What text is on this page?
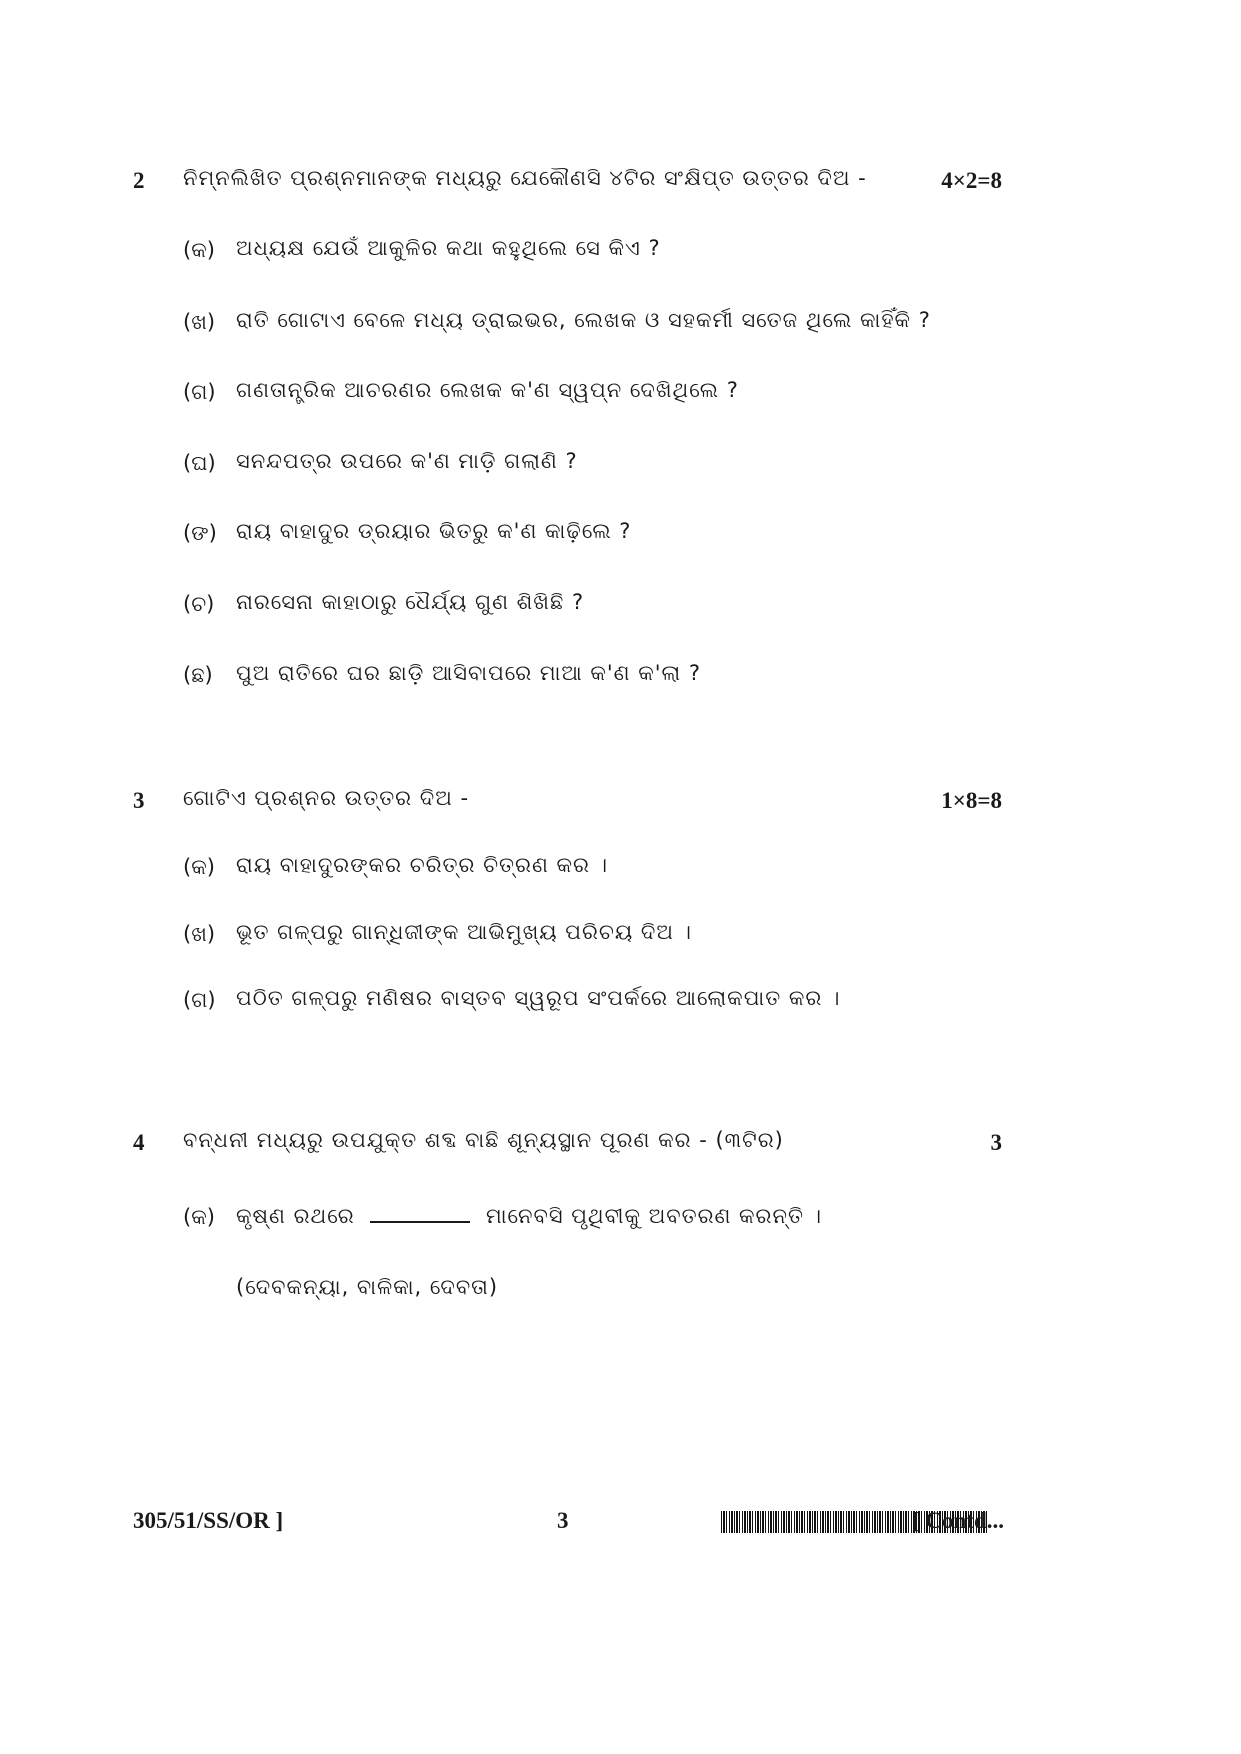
2 ନିମ୍ନଲିଖିତ ପ୍ରଶ୍ନମାନଙ୍କ ମଧ୍ୟରୁ ଯେକୌଣସି ୪ଟିର ସଂକ୍ଷିପ୍ତ ଉତ୍ତର ଦିଅ -	4×2=8
(କ) ଅଧ୍ୟକ୍ଷ ଯେଉଁ ଆକୁଳିର କଥା କହୁଥିଲେ ସେ କିଏ ?
(ଖ) ରାତି ଗୋଟାଏ ବେଳେ ମଧ୍ୟ ଡ୍ରାଇଭର, ଲେଖକ ଓ ସହକର୍ମୀ ସତେଜ ଥିଲେ କାହିଁକି ?
(ଗ) ଗଣତାନ୍ତ୍ରିକ ଆଚରଣର ଲେଖକ କ'ଣ ସ୍ୱପ୍ନ ଦେଖିଥିଲେ ?
(ଘ) ସନନ୍ଦପତ୍ର ଉପରେ କ'ଣ ମାଡ଼ି ଗଲାଣି ?
(ଙ) ରାୟ ବାହାଦୁର ଡ୍ରୟାର ଭିତରୁ କ'ଣ କାଢ଼ିଲେ ?
(ଚ) ନାରସେନା କାହାଠାରୁ ଧୈର୍ଯ୍ୟ ଗୁଣ ଶିଖିଛି ?
(ଛ) ପୁଅ ରାତିରେ ଘର ଛାଡ଼ି ଆସିବାପରେ ମାଆ କ'ଣ କ'ଲା ?
3 ଗୋଟିଏ ପ୍ରଶ୍ନର ଉତ୍ତର ଦିଅ -	1×8=8
(କ) ରାୟ ବାହାଦୁରଙ୍କର ଚରିତ୍ର ଚିତ୍ରଣ କର ।
(ଖ) ଭୂତ ଗଳ୍ପରୁ ଗାନ୍ଧିଜୀଙ୍କ ଆଭିମୁଖ୍ୟ ପରିଚୟ ଦିଅ ।
(ଗ) ପଠିତ ଗଳ୍ପରୁ ମଣିଷର ବାସ୍ତବ ସ୍ୱରୂପ ସଂପର୍କରେ ଆଲୋକପାତ କର ।
4 ବନ୍ଧନୀ ମଧ୍ୟରୁ ଉପଯୁକ୍ତ ଶବ୍ଦ ବାଛି ଶୂନ୍ୟସ୍ଥାନ ପୂରଣ କର - (୩ଟିର)	3
(କ) କୃଷ୍ଣ ରଥରେ	ମାନେବସି ପୃଥିବୀକୁ ଅବତରଣ କରନ୍ତି ।
(ଦେବକନ୍ୟା, ବାଳିକା, ଦେବତା)
305/51/SS/OR ]	3	[ Contd...
